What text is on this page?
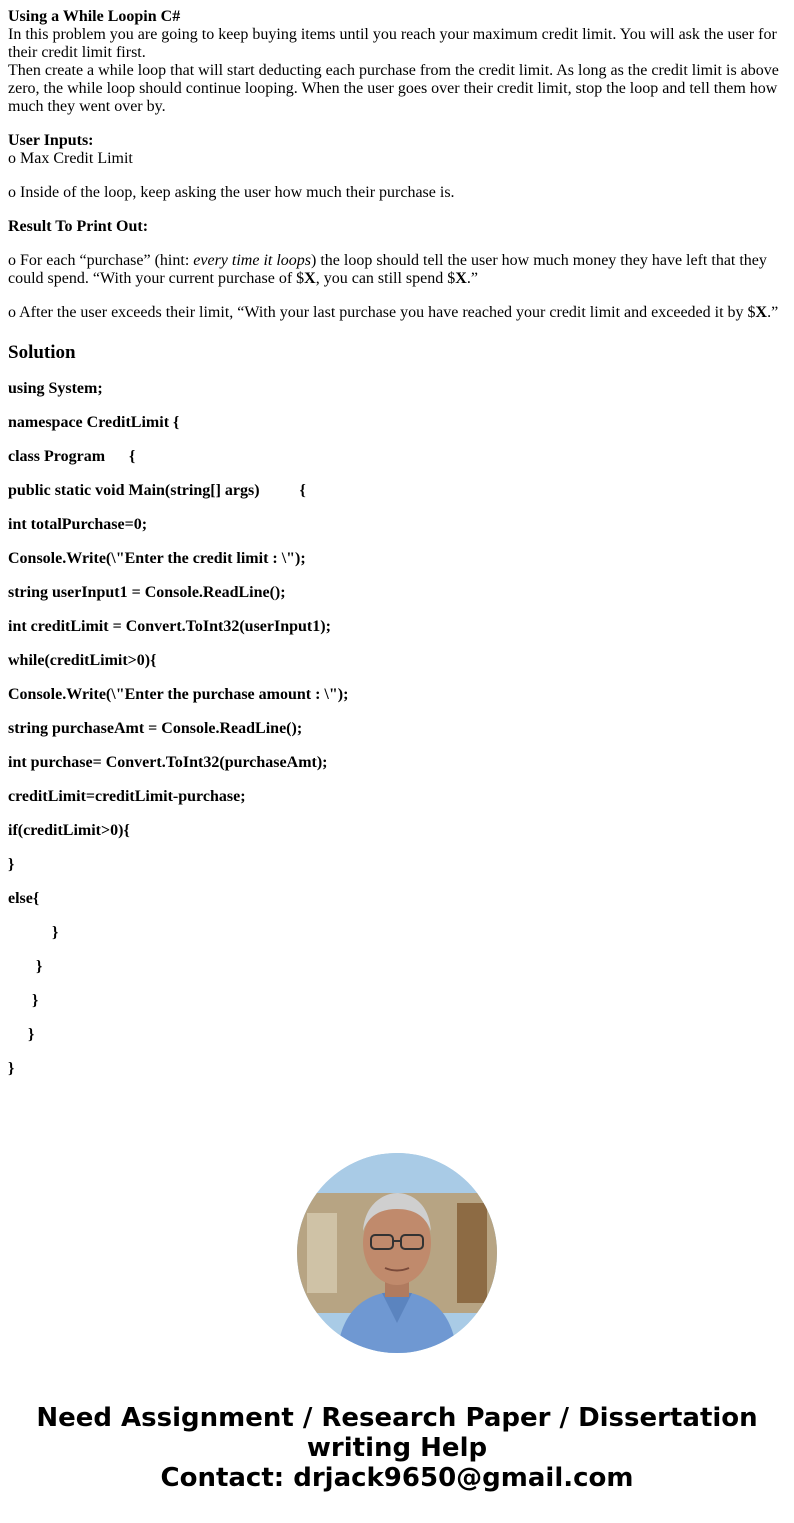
Using a While Loopin C#
In this problem you are going to keep buying items until you reach your maximum credit limit. You will ask the user for their credit limit first.
Then create a while loop that will start deducting each purchase from the credit limit. As long as the credit limit is above zero, the while loop should continue looping. When the user goes over their credit limit, stop the loop and tell them how much they went over by.
User Inputs:
o Max Credit Limit
o Inside of the loop, keep asking the user how much their purchase is.
Result To Print Out:
o For each “purchase” (hint: every time it loops) the loop should tell the user how much money they have left that they could spend. “With your current purchase of $X, you can still spend $X.”
o After the user exceeds their limit, “With your last purchase you have reached your credit limit and exceeded it by $X.”
Solution
using System;
namespace CreditLimit {
class Program      {
public static void Main(string[] args)          {
int totalPurchase=0;
Console.Write(\"Enter the credit limit : \");
string userInput1 = Console.ReadLine();
int creditLimit = Convert.ToInt32(userInput1);
while(creditLimit>0){
Console.Write(\"Enter the purchase amount : \");
string purchaseAmt = Console.ReadLine();
int purchase= Convert.ToInt32(purchaseAmt);
creditLimit=creditLimit-purchase;
if(creditLimit>0){
}
else{
}
}
}
}
}
Need Assignment / Research Paper / Dissertation
writing Help
Contact: drjack9650@gmail.com
